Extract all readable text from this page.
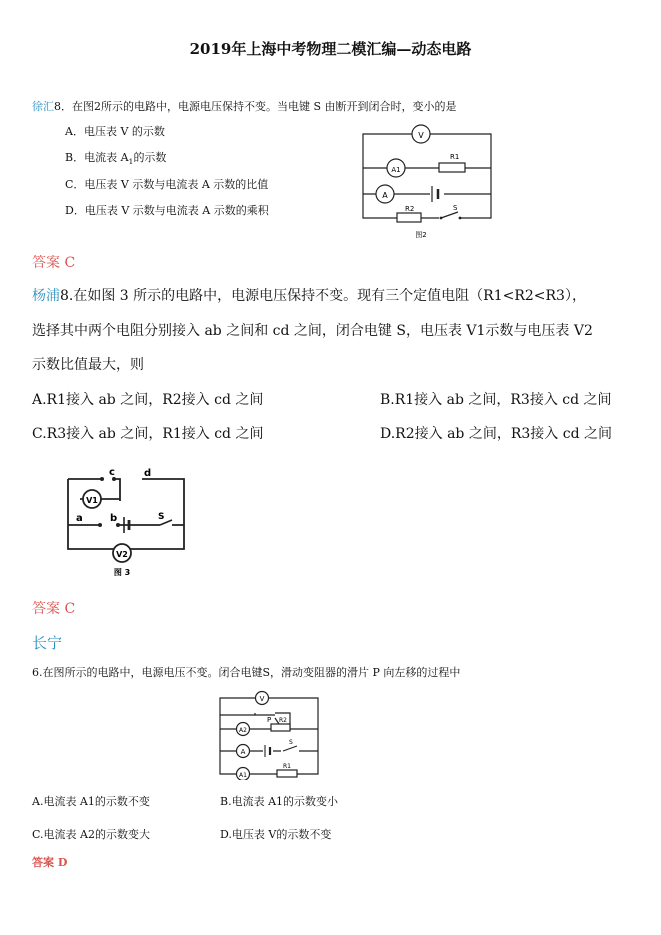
2019年上海中考物理二模汇编—动态电路
徐汇8．在图2所示的电路中，电源电压保持不变。当电键 S 由断开到闭合时，变小的是
A．电压表 V 的示数
B．电流表 $A_1$的示数
C．电压表 V 示数与电流表 A 示数的比值
D．电压表 V 示数与电流表 A 示数的乘积
V
A1
A
R1
R2	S
图2
答案 C
杨浦8.在如图 3 所示的电路中，电源电压保持不变。现有三个定值电阻（R1<R2<R3），
选择其中两个电阻分别接入 ab 之间和 cd 之间，闭合电键 S，电压表 V1示数与电压表 V2
示数比值最大，则
A.R1接入 ab 之间，R2接入 cd 之间	B.R1接入 ab 之间，R3接入 cd 之间
C.R3接入 ab 之间，R1接入 cd 之间	D.R2接入 ab 之间，R3接入 cd 之间
c	d
a	b
V1
V2
S
图 3
答案 C
长宁
6.在图所示的电路中，电源电压不变。闭合电键S，滑动变阻器的滑片 P 向左移的过程中
V
A2
A
A1
P R2
R1
S
A.电流表 A1的示数不变	B.电流表 A1的示数变小
C.电流表 A2的示数变大	D.电压表 V的示数不变
答案 D
